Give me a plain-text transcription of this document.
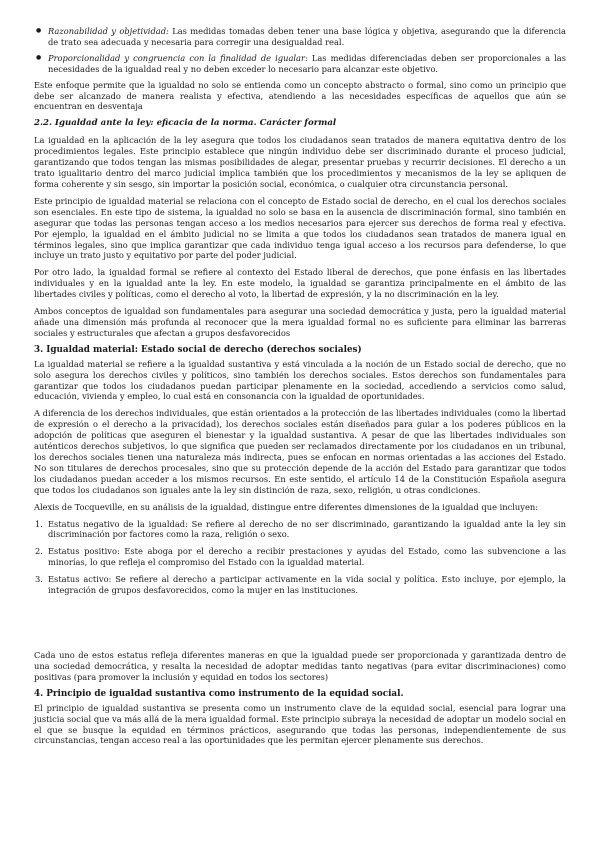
● Razonabilidad y objetividad: Las medidas tomadas deben tener una base lógica y objetiva, asegurando que la diferencia de trato sea adecuada y necesaria para corregir una desigualdad real.
● Proporcionalidad y congruencia con la finalidad de igualar: Las medidas diferenciadas deben ser proporcionales a las necesidades de la igualdad real y no deben exceder lo necesario para alcanzar este objetivo.

Este enfoque permite que la igualdad no solo se entienda como un concepto abstracto o formal, sino como un principio que debe ser alcanzado de manera realista y efectiva, atendiendo a las necesidades específicas de aquellos que aún se encuentran en desventaja

2.2. Igualdad ante la ley: eficacia de la norma. Carácter formal

La igualdad en la aplicación de la ley asegura que todos los ciudadanos sean tratados de manera equitativa dentro de los procedimientos legales. Este principio establece que ningún individuo debe ser discriminado durante el proceso judicial, garantizando que todos tengan las mismas posibilidades de alegar, presentar pruebas y recurrir decisiones. El derecho a un trato igualitario dentro del marco judicial implica también que los procedimientos y mecanismos de la ley se apliquen de forma coherente y sin sesgo, sin importar la posición social, económica, o cualquier otra circunstancia personal.

Este principio de igualdad material se relaciona con el concepto de Estado social de derecho, en el cual los derechos sociales son esenciales. En este tipo de sistema, la igualdad no solo se basa en la ausencia de discriminación formal, sino también en asegurar que todas las personas tengan acceso a los medios necesarios para ejercer sus derechos de forma real y efectiva. Por ejemplo, la igualdad en el ámbito judicial no se limita a que todos los ciudadanos sean tratados de manera igual en términos legales, sino que implica garantizar que cada individuo tenga igual acceso a los recursos para defenderse, lo que incluye un trato justo y equitativo por parte del poder judicial.

Por otro lado, la igualdad formal se refiere al contexto del Estado liberal de derechos, que pone énfasis en las libertades individuales y en la igualdad ante la ley. En este modelo, la igualdad se garantiza principalmente en el ámbito de las libertades civiles y políticas, como el derecho al voto, la libertad de expresión, y la no discriminación en la ley.

Ambos conceptos de igualdad son fundamentales para asegurar una sociedad democrática y justa, pero la igualdad material añade una dimensión más profunda al reconocer que la mera igualdad formal no es suficiente para eliminar las barreras sociales y estructurales que afectan a grupos desfavorecidos

3. Igualdad material: Estado social de derecho (derechos sociales)

La igualdad material se refiere a la igualdad sustantiva y está vinculada a la noción de un Estado social de derecho, que no solo asegura los derechos civiles y políticos, sino también los derechos sociales. Estos derechos son fundamentales para garantizar que todos los ciudadanos puedan participar plenamente en la sociedad, accediendo a servicios como salud, educación, vivienda y empleo, lo cual está en consonancia con la igualdad de oportunidades.

A diferencia de los derechos individuales, que están orientados a la protección de las libertades individuales (como la libertad de expresión o el derecho a la privacidad), los derechos sociales están diseñados para guiar a los poderes públicos en la adopción de políticas que aseguren el bienestar y la igualdad sustantiva. A pesar de que las libertades individuales son auténticos derechos subjetivos, lo que significa que pueden ser reclamados directamente por los ciudadanos en un tribunal, los derechos sociales tienen una naturaleza más indirecta, pues se enfocan en normas orientadas a las acciones del Estado. No son titulares de derechos procesales, sino que su protección depende de la acción del Estado para garantizar que todos los ciudadanos puedan acceder a los mismos recursos. En este sentido, el artículo 14 de la Constitución Española asegura que todos los ciudadanos son iguales ante la ley sin distinción de raza, sexo, religión, u otras condiciones.

Alexis de Tocqueville, en su análisis de la igualdad, distingue entre diferentes dimensiones de la igualdad que incluyen:

1. Estatus negativo de la igualdad: Se refiere al derecho de no ser discriminado, garantizando la igualdad ante la ley sin discriminación por factores como la raza, religión o sexo.
2. Estatus positivo: Este aboga por el derecho a recibir prestaciones y ayudas del Estado, como las subvencione a las minorías, lo que refleja el compromiso del Estado con la igualdad material.
3. Estatus activo: Se refiere al derecho a participar activamente en la vida social y política. Esto incluye, por ejemplo, la integración de grupos desfavorecidos, como la mujer en las instituciones.

Cada uno de estos estatus refleja diferentes maneras en que la igualdad puede ser proporcionada y garantizada dentro de una sociedad democrática, y resalta la necesidad de adoptar medidas tanto negativas (para evitar discriminaciones) como positivas (para promover la inclusión y equidad en todos los sectores)

4. Principio de igualdad sustantiva como instrumento de la equidad social.

El principio de igualdad sustantiva se presenta como un instrumento clave de la equidad social, esencial para lograr una justicia social que va más allá de la mera igualdad formal. Este principio subraya la necesidad de adoptar un modelo social en el que se busque la equidad en términos prácticos, asegurando que todas las personas, independientemente de sus circunstancias, tengan acceso real a las oportunidades que les permitan ejercer plenamente sus derechos.
